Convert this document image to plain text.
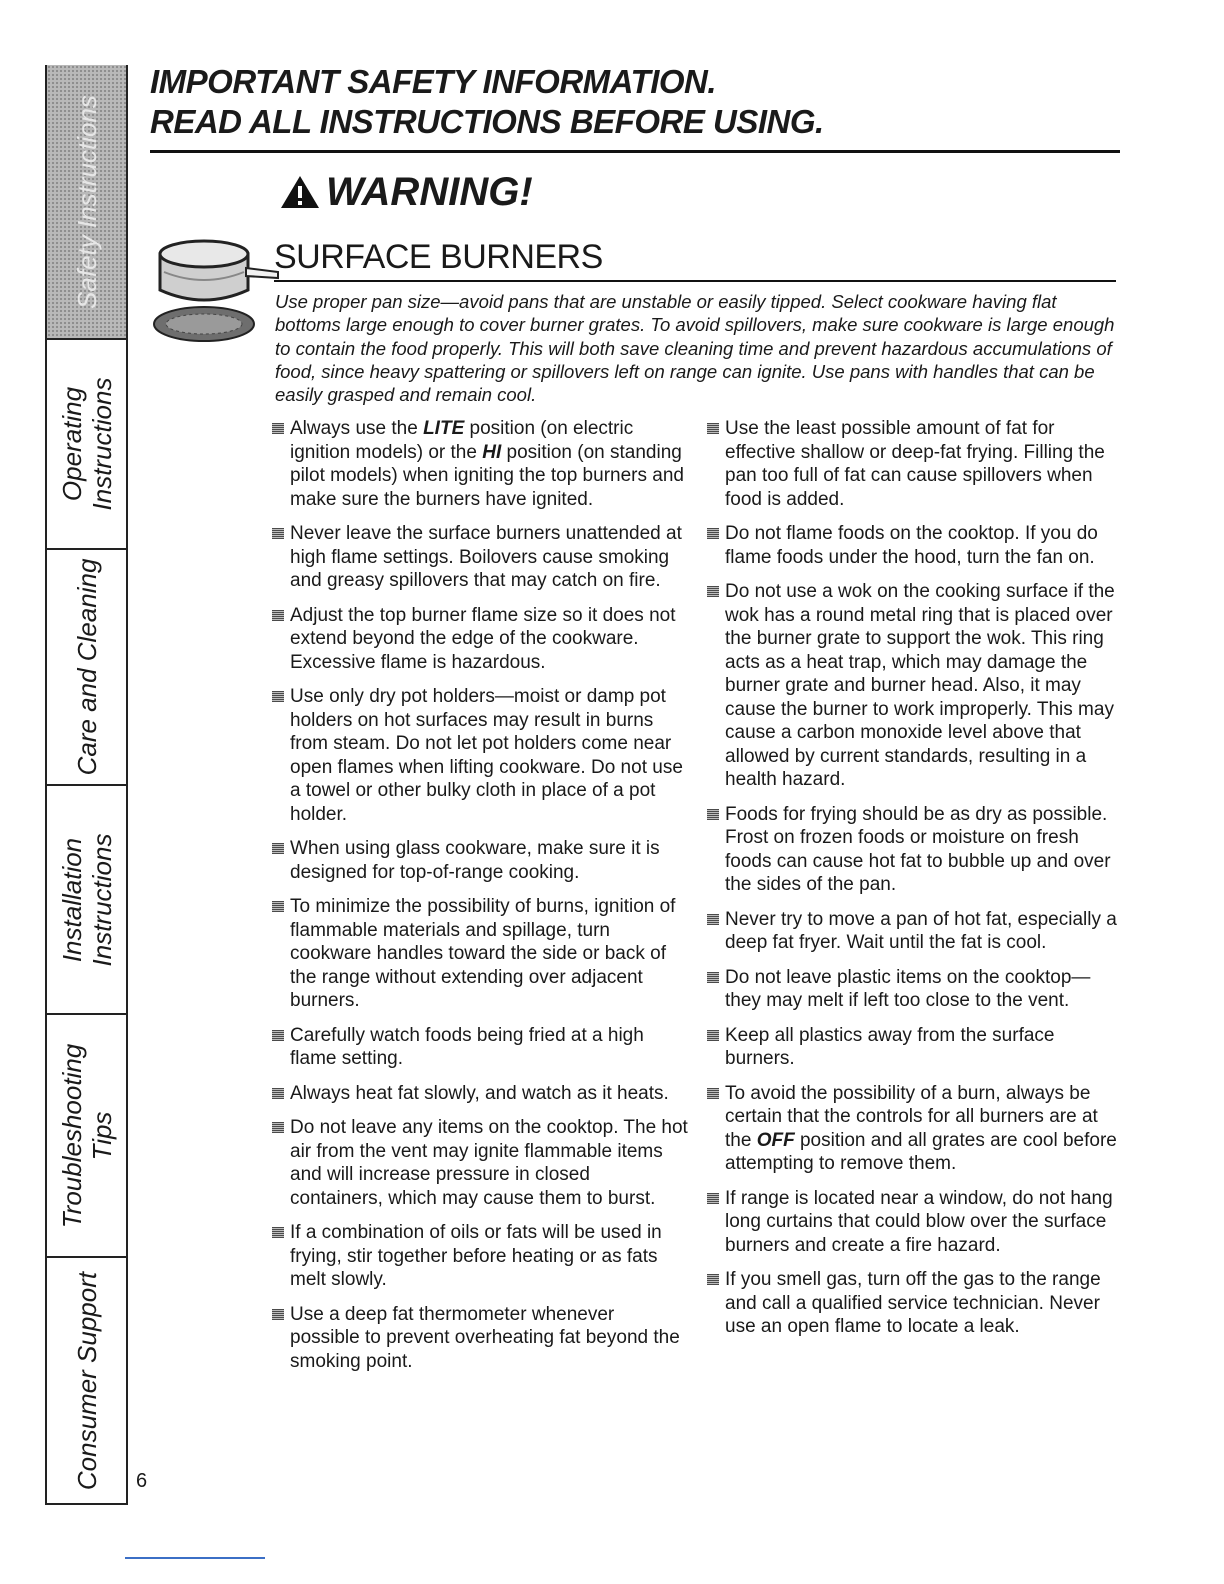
Safety Instructions
Operating Instructions
Care and Cleaning
Installation Instructions
Troubleshooting Tips
Consumer Support 6
IMPORTANT SAFETY INFORMATION.
READ ALL INSTRUCTIONS BEFORE USING.
WARNING!
SURFACE BURNERS
Use proper pan size—avoid pans that are unstable or easily tipped. Select cookware having flat bottoms large enough to cover burner grates. To avoid spillovers, make sure cookware is large enough to contain the food properly. This will both save cleaning time and prevent hazardous accumulations of food, since heavy spattering or spillovers left on range can ignite. Use pans with handles that can be easily grasped and remain cool.
Always use the LITE position (on electric ignition models) or the HI position (on standing pilot models) when igniting the top burners and make sure the burners have ignited.
Never leave the surface burners unattended at high flame settings. Boilovers cause smoking and greasy spillovers that may catch on fire.
Adjust the top burner flame size so it does not extend beyond the edge of the cookware. Excessive flame is hazardous.
Use only dry pot holders—moist or damp pot holders on hot surfaces may result in burns from steam. Do not let pot holders come near open flames when lifting cookware. Do not use a towel or other bulky cloth in place of a pot holder.
When using glass cookware, make sure it is designed for top-of-range cooking.
To minimize the possibility of burns, ignition of flammable materials and spillage, turn cookware handles toward the side or back of the range without extending over adjacent burners.
Carefully watch foods being fried at a high flame setting.
Always heat fat slowly, and watch as it heats.
Do not leave any items on the cooktop. The hot air from the vent may ignite flammable items and will increase pressure in closed containers, which may cause them to burst.
If a combination of oils or fats will be used in frying, stir together before heating or as fats melt slowly.
Use a deep fat thermometer whenever possible to prevent overheating fat beyond the smoking point.
Use the least possible amount of fat for effective shallow or deep-fat frying. Filling the pan too full of fat can cause spillovers when food is added.
Do not flame foods on the cooktop. If you do flame foods under the hood, turn the fan on.
Do not use a wok on the cooking surface if the wok has a round metal ring that is placed over the burner grate to support the wok. This ring acts as a heat trap, which may damage the burner grate and burner head. Also, it may cause the burner to work improperly. This may cause a carbon monoxide level above that allowed by current standards, resulting in a health hazard.
Foods for frying should be as dry as possible. Frost on frozen foods or moisture on fresh foods can cause hot fat to bubble up and over the sides of the pan.
Never try to move a pan of hot fat, especially a deep fat fryer. Wait until the fat is cool.
Do not leave plastic items on the cooktop—they may melt if left too close to the vent.
Keep all plastics away from the surface burners.
To avoid the possibility of a burn, always be certain that the controls for all burners are at the OFF position and all grates are cool before attempting to remove them.
If range is located near a window, do not hang long curtains that could blow over the surface burners and create a fire hazard.
If you smell gas, turn off the gas to the range and call a qualified service technician. Never use an open flame to locate a leak.
